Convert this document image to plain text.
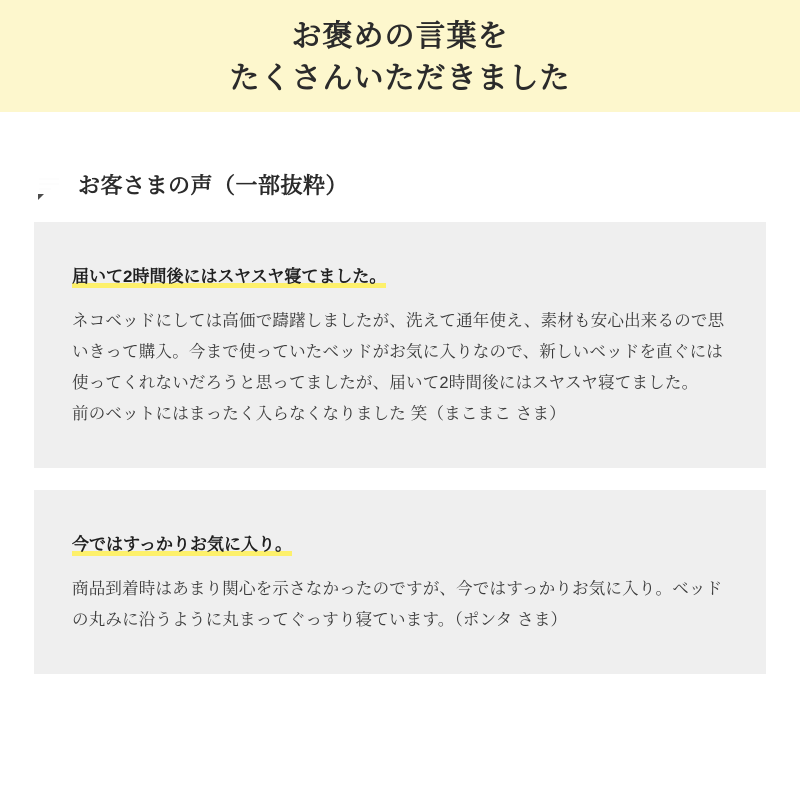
お褒めの言葉を
たくさんいただきました
お客さまの声（一部抜粋）
届いて2時間後にはスヤスヤ寝てました。

ネコベッドにしては高価で躊躇しましたが、洗えて通年使え、素材も安心出来るので思いきって購入。今まで使っていたベッドがお気に入りなので、新しいベッドを直ぐには使ってくれないだろうと思ってましたが、届いて2時間後にはスヤスヤ寝てました。

前のベットにはまったく入らなくなりました 笑（まこまこ さま）

今ではすっかりお気に入り。

商品到着時はあまり関心を示さなかったのですが、今ではすっかりお気に入り。ベッドの丸みに沿うように丸まってぐっすり寝ています。（ポンタ さま）
